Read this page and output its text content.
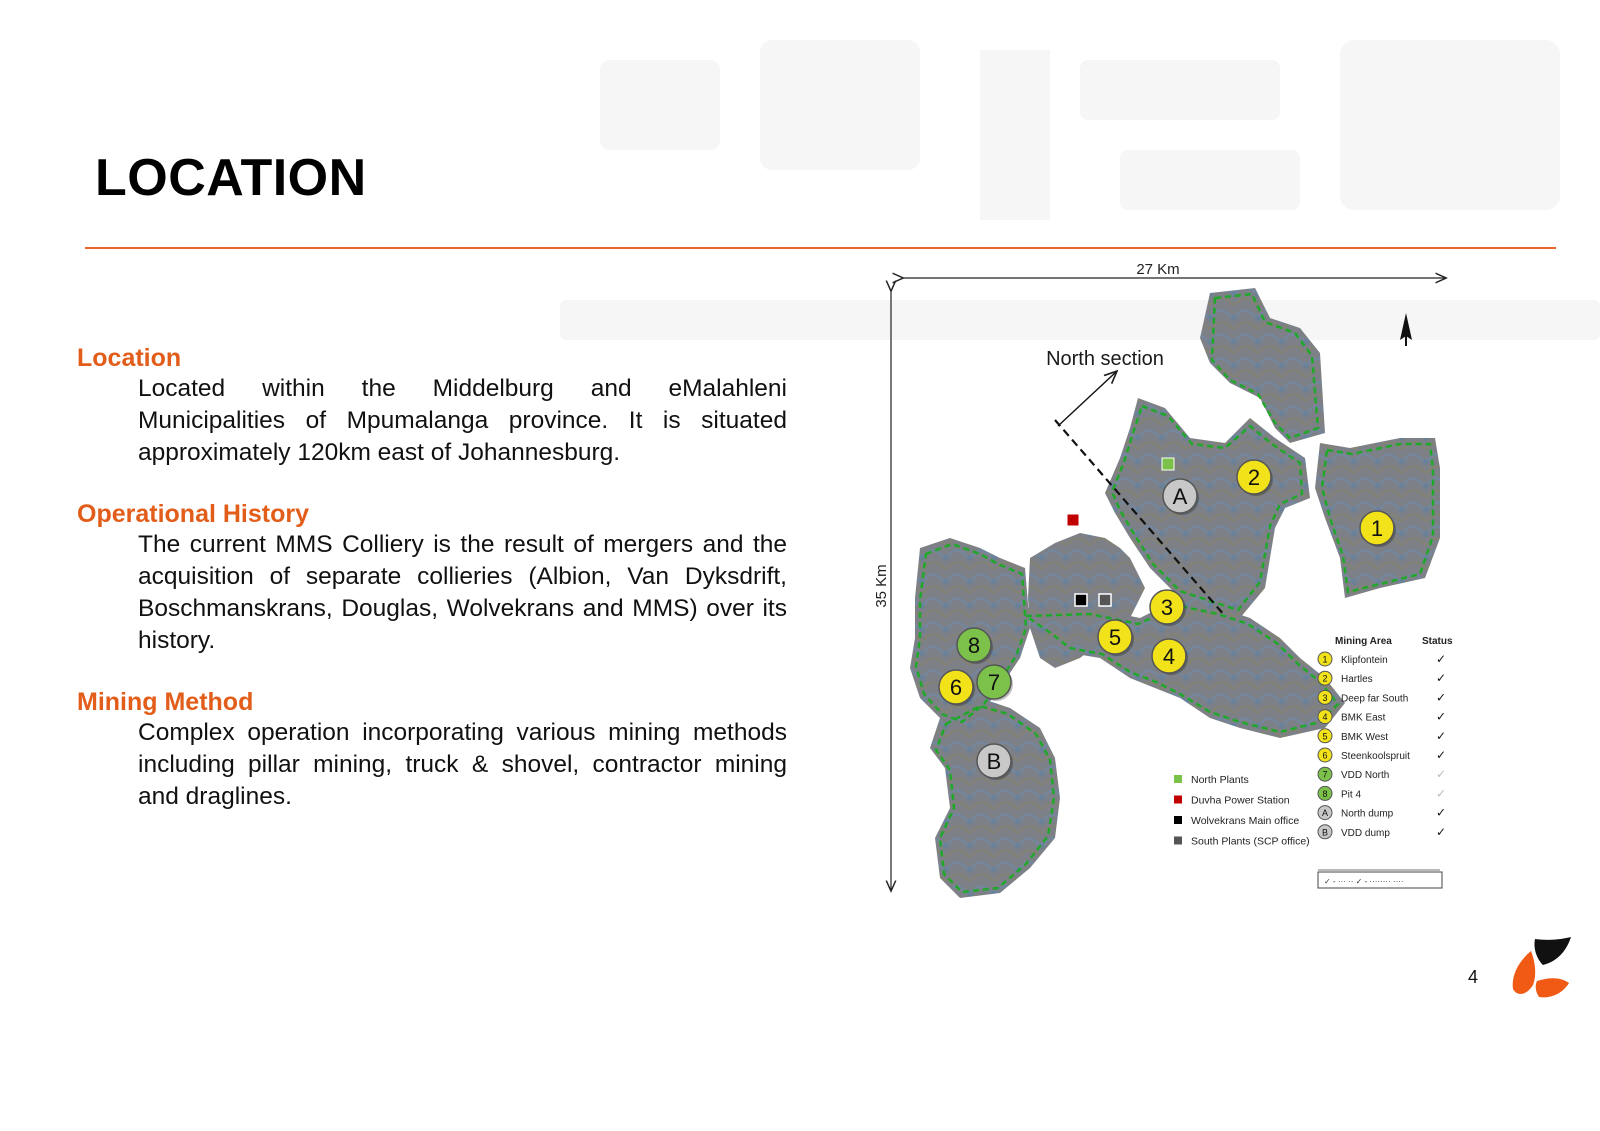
LOCATION

Location

Located within the Middelburg and eMalahleni Municipalities of Mpumalanga province. It is situated approximately 120km east of Johannesburg.

Operational History

The current MMS Colliery is the result of mergers and the acquisition of separate collieries (Albion, Van Dyksdrift, Boschmanskrans, Douglas, Wolvekrans and MMS) over its history.

Mining Method

Complex operation incorporating various mining methods including pillar mining, truck & shovel, contractor mining and draglines.

27 Km
35 Km
North section
1
2
3
4
5
6 7
8
A
B
North Plants
Duvha Power Station
Wolvekrans Main office
South Plants (SCP office)
Mining Area	Status
1 Klipfontein	✓
2 Hartles	✓
3 Deep far South ✓
4 BMK East	✓
5 BMK West	✓
6 Steenkoolspruit ✓
7 VDD North	✓
8 Pit 4	✓
A North dump	✓
B VDD dump	✓
✓ - ··· ·· ✓ - ········ ····
4
